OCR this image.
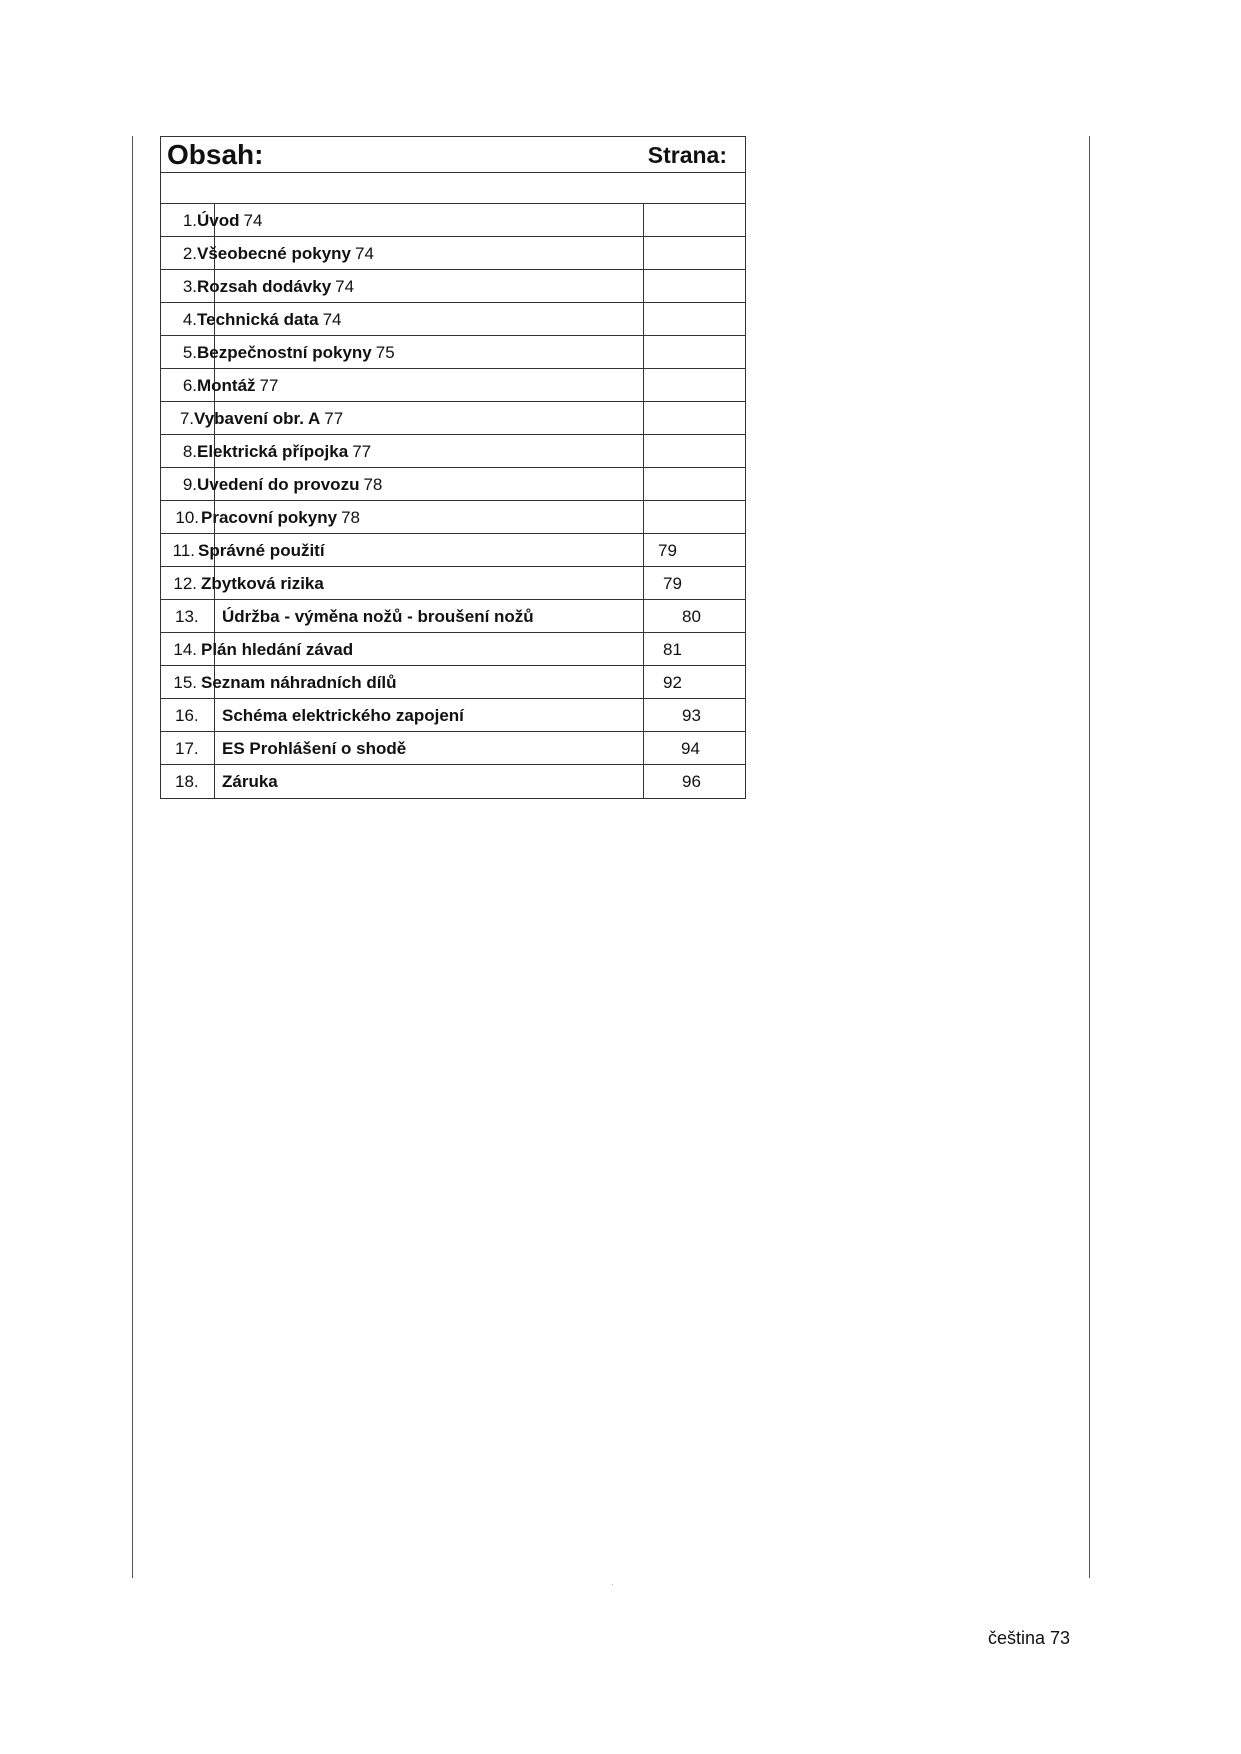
Obsah:	Strana:
1. Úvod 74
2. Všeobecné pokyny 74
3. Rozsah dodávky 74
4. Technická data 74
5. Bezpečnostní pokyny 75
6. Montáž 77
7. Vybavení obr. A 77
8. Elektrická přípojka 77
9. Uvedení do provozu 78
10. Pracovní pokyny 78
11. Správné použití	79
12. Zbytková rizika	79
13. Údržba - výměna nožů - broušení nožů	80
14. Plán hledání závad	81
15. Seznam náhradních dílů	92
16. Schéma elektrického zapojení	93
17. ES Prohlášení o shodě	94
18. Záruka	96
čeština 73
